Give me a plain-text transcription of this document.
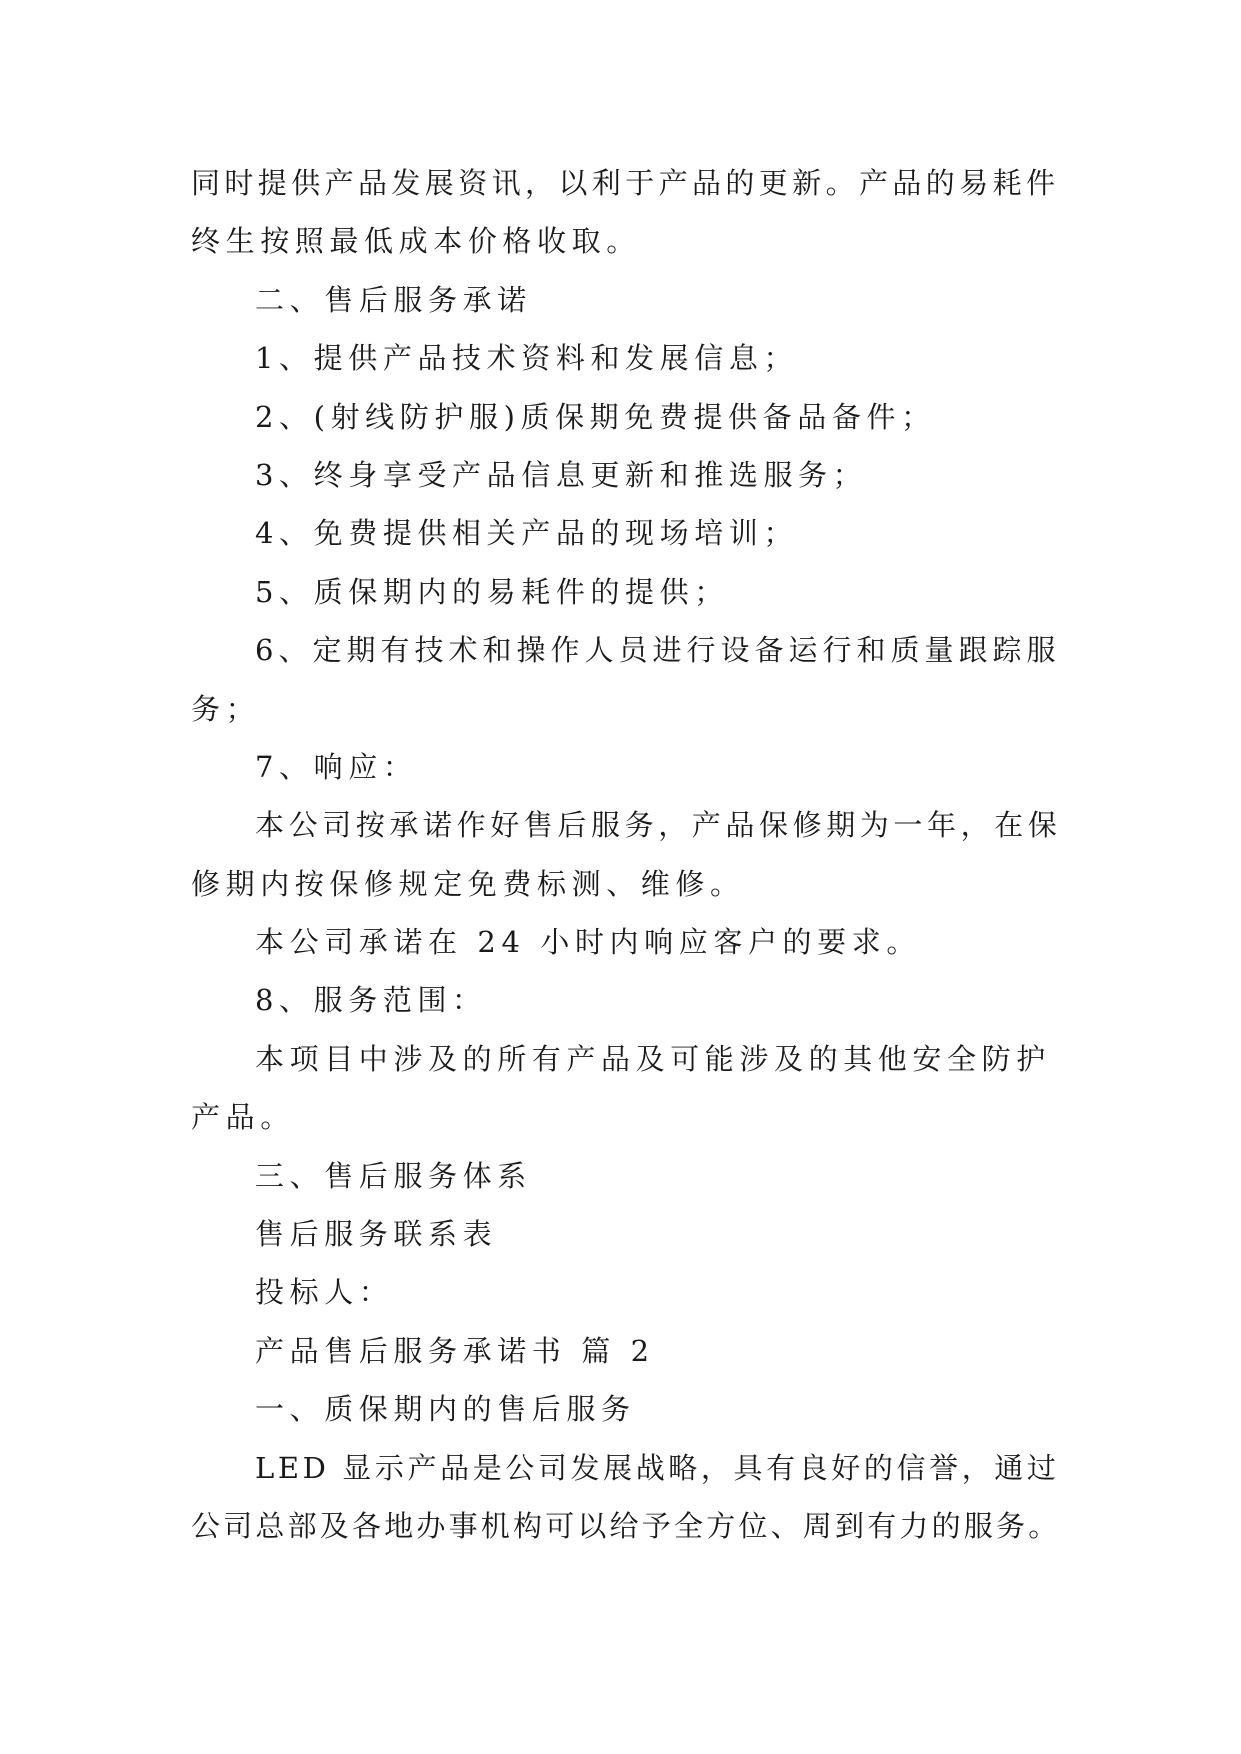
同时提供产品发展资讯，以利于产品的更新。产品的易耗件
终生按照最低成本价格收取。
二、售后服务承诺
1、提供产品技术资料和发展信息；
2、(射线防护服)质保期免费提供备品备件；
3、终身享受产品信息更新和推选服务；
4、免费提供相关产品的现场培训；
5、质保期内的易耗件的提供；
6、定期有技术和操作人员进行设备运行和质量跟踪服
务；
7、响应：
本公司按承诺作好售后服务，产品保修期为一年，在保
修期内按保修规定免费标测、维修。
本公司承诺在 24 小时内响应客户的要求。
8、服务范围：
本项目中涉及的所有产品及可能涉及的其他安全防护
产品。
三、售后服务体系
售后服务联系表
投标人：
产品售后服务承诺书 篇 2
一、质保期内的售后服务
LED 显示产品是公司发展战略，具有良好的信誉，通过
公司总部及各地办事机构可以给予全方位、周到有力的服务。
